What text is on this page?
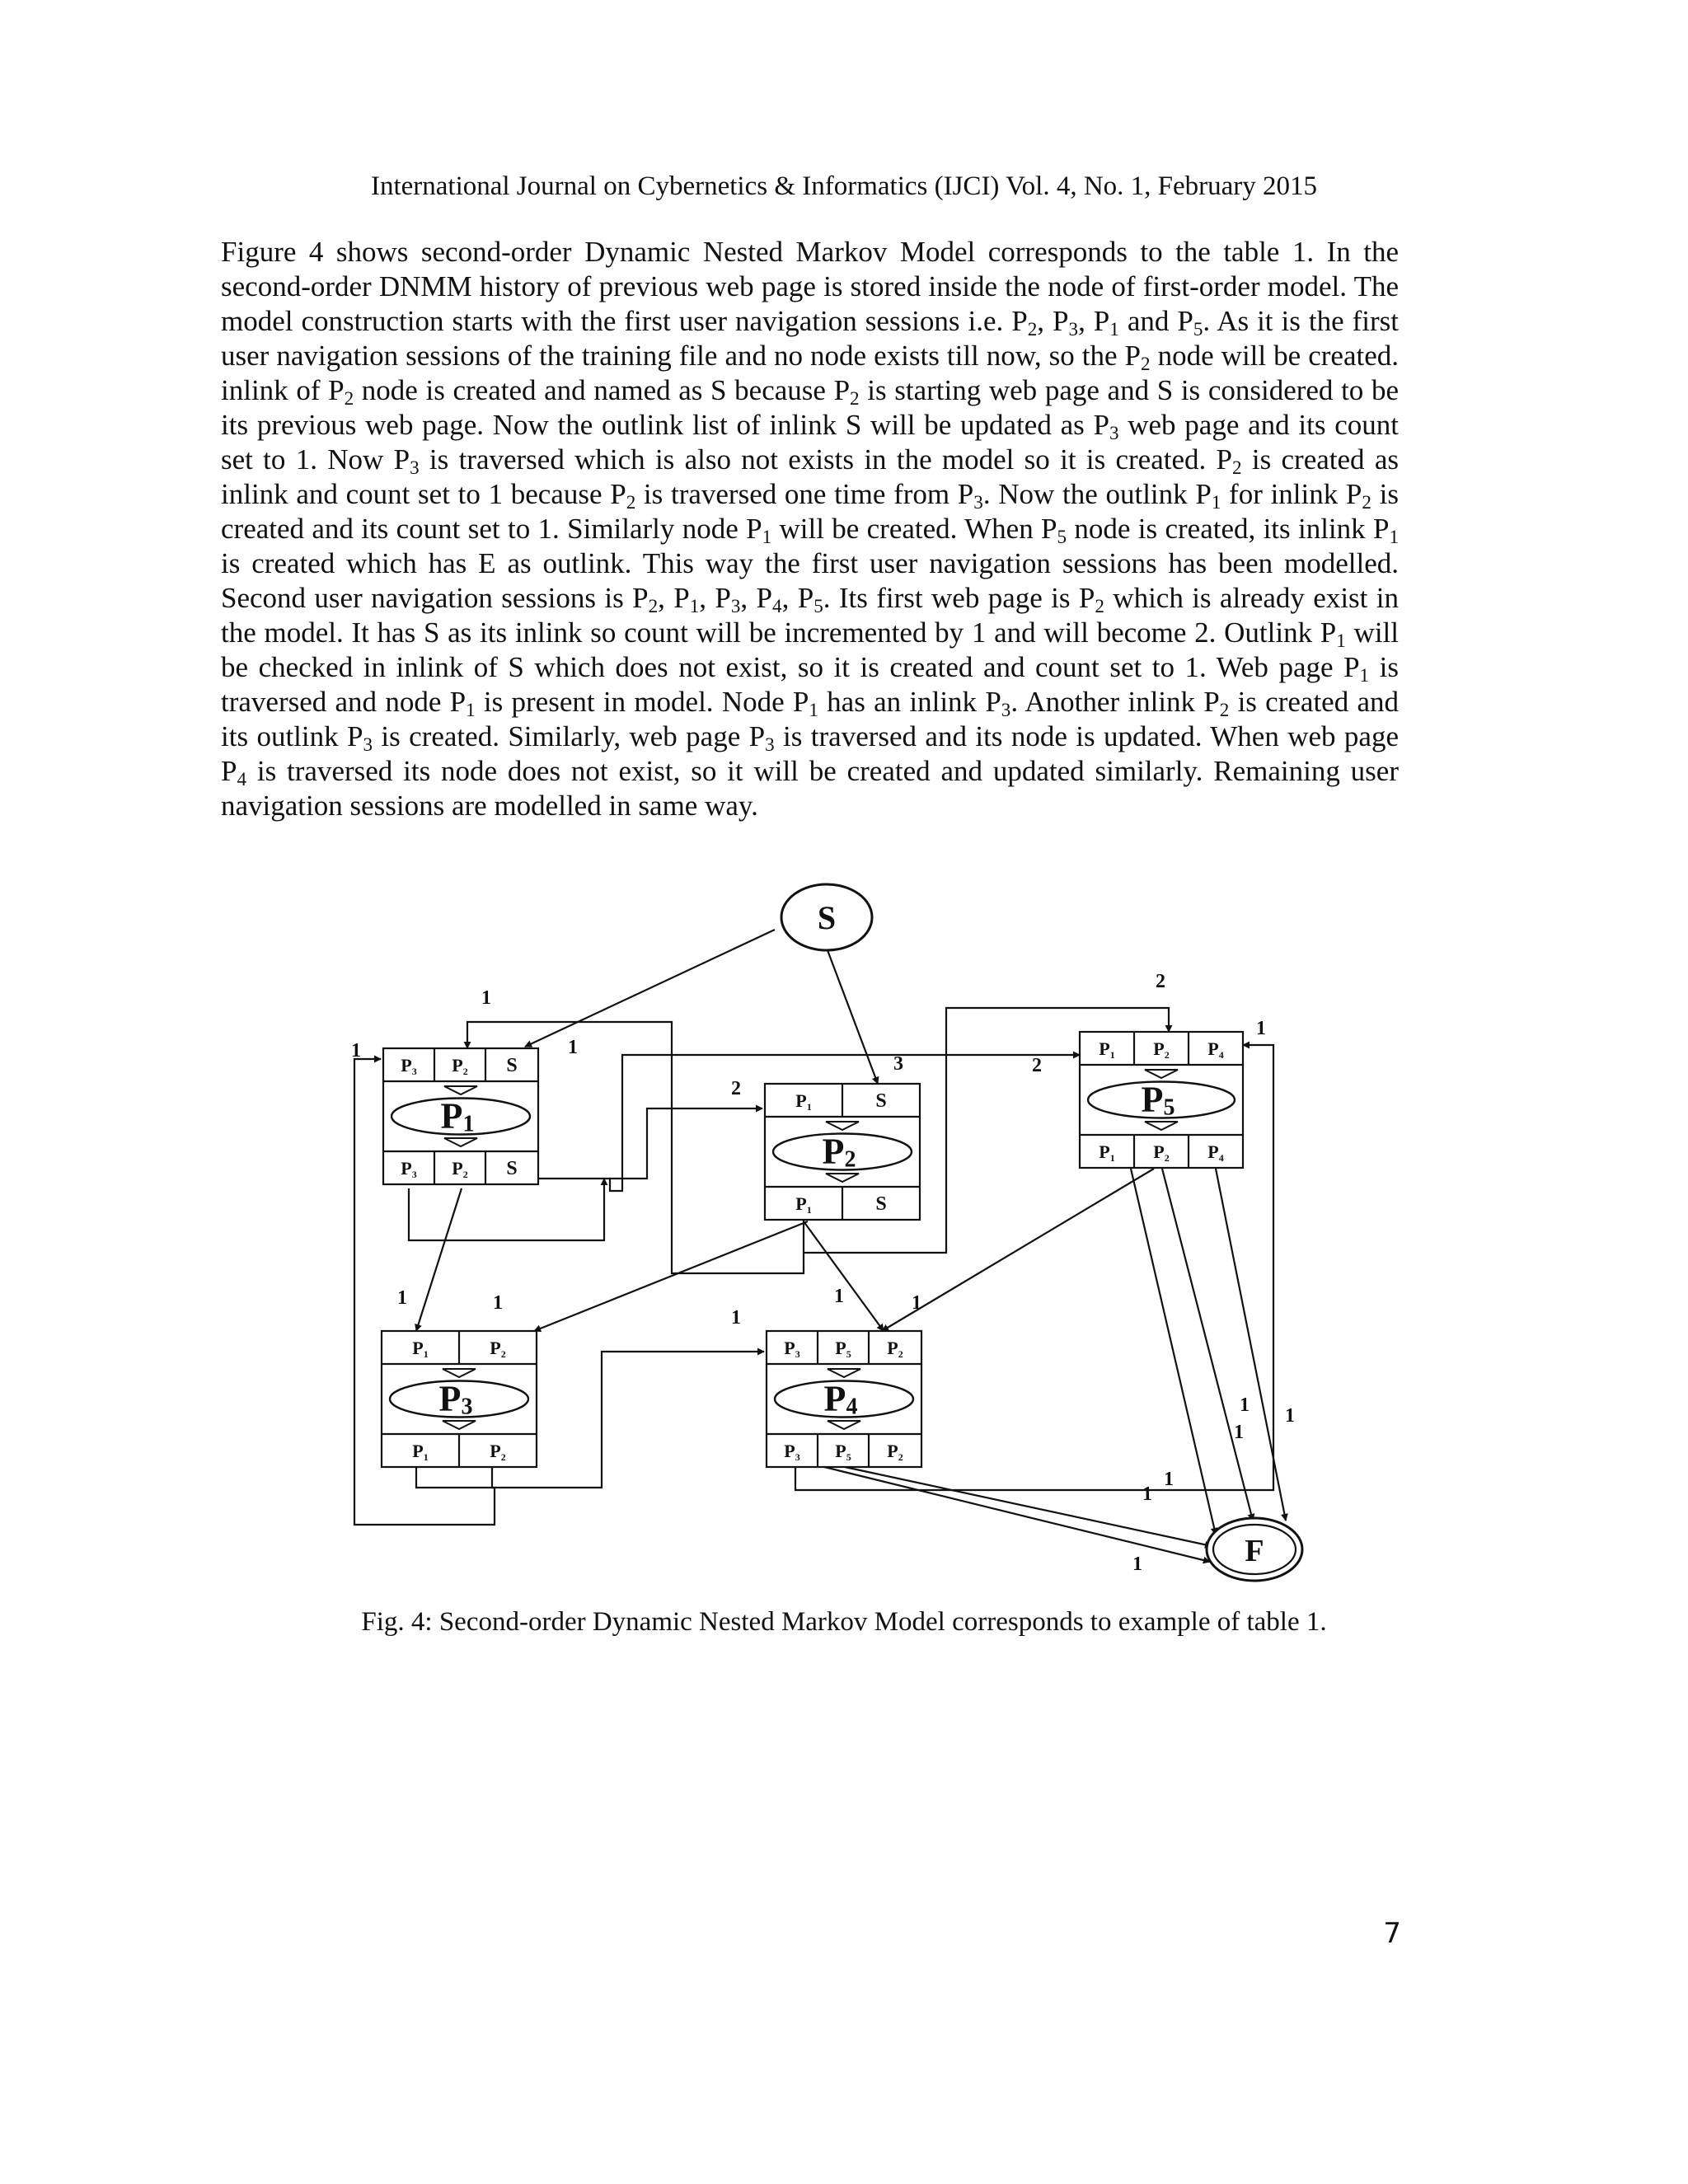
International Journal on Cybernetics & Informatics (IJCI) Vol. 4, No. 1, February 2015

Figure 4 shows second-order Dynamic Nested Markov Model corresponds to the table 1. In the second-order DNMM history of previous web page is stored inside the node of first-order model. The model construction starts with the first user navigation sessions i.e. $P_2$, $P_3$, $P_1$ and $P_5$. As it is the first user navigation sessions of the training file and no node exists till now, so the $P_2$ node will be created. inlink of $P_2$ node is created and named as S because $P_2$ is starting web page and S is considered to be its previous web page. Now the outlink list of inlink S will be updated as $P_3$ web page and its count set to 1. Now $P_3$ is traversed which is also not exists in the model so it is created. $P_2$ is created as inlink and count set to 1 because $P_2$ is traversed one time from $P_3$. Now the outlink $P_1$ for inlink $P_2$ is created and its count set to 1. Similarly node $P_1$ will be created. When $P_5$ node is created, its inlink $P_1$ is created which has E as outlink. This way the first user navigation sessions has been modelled. Second user navigation sessions is $P_2$, $P_1$, $P_3$, $P_4$, $P_5$. Its first web page is $P_2$ which is already exist in the model. It has S as its inlink so count will be incremented by 1 and will become 2. Outlink $P_1$ will be checked in inlink of S which does not exist, so it is created and count set to 1. Web page $P_1$ is traversed and node $P_1$ is present in model. Node $P_1$ has an inlink $P_3$. Another inlink $P_2$ is created and its outlink $P_3$ is created. Similarly, web page $P_3$ is traversed and its node is updated. When web page $P_4$ is traversed its node does not exist, so it will be created and updated similarly. Remaining user navigation sessions are modelled in same way.

P3 P2 S
P3 P2 S
P1
P1	S
P1	S
P2
P1 P2 P4
P1 P2 P4
P5
P1	P2
P1	P2
P3
P3 P5 P2
P3 P5 P2
P4
S
F
1
1	1
3
2
2
2
1
1	1	1	1
1
1
1 1
1
1
1
Fig. 4: Second-order Dynamic Nested Markov Model corresponds to example of table 1.
7
